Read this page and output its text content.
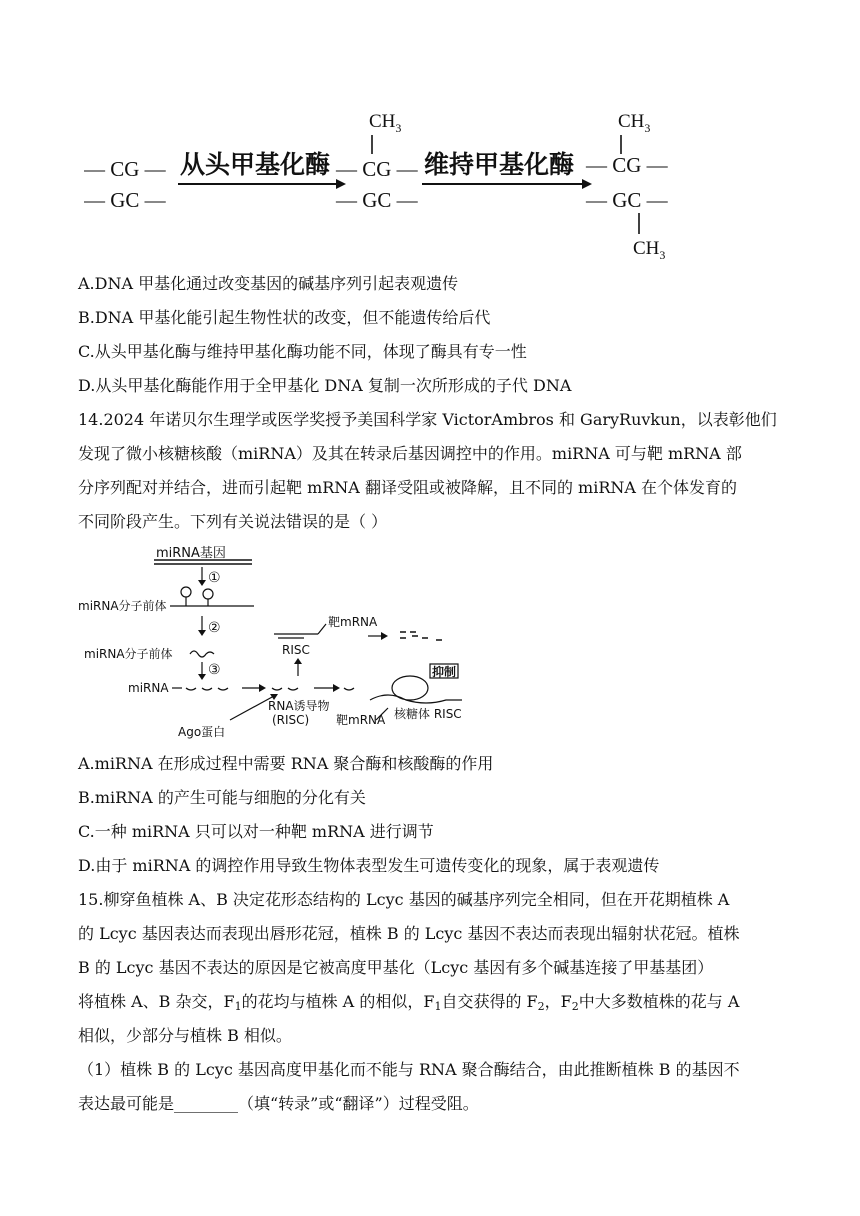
— CG —
— GC —
从头甲基化酶
$CH_3$
— CG —
— GC —
维持甲基化酶
$CH_3$
— CG —
— GC —
$CH_3$
A.DNA 甲基化通过改变基因的碱基序列引起表观遗传
B.DNA 甲基化能引起生物性状的改变，但不能遗传给后代
C.从头甲基化酶与维持甲基化酶功能不同，体现了酶具有专一性
D.从头甲基化酶能作用于全甲基化 DNA 复制一次所形成的子代 DNA
14.2024 年诺贝尔生理学或医学奖授予美国科学家 VictorAmbros 和 GaryRuvkun，以表彰他们
发现了微小核糖核酸（miRNA）及其在转录后基因调控中的作用。miRNA 可与靶 mRNA 部
分序列配对并结合，进而引起靶 mRNA 翻译受阻或被降解，且不同的 miRNA 在个体发育的
不同阶段产生。下列有关说法错误的是（ ）
miRNA基因
①
miRNA分子前体
②
miRNA分子前体
③
miRNA
Ago蛋白
RNA诱导物
(RISC) 靶mRNA
RISC
靶mRNA
抑制
核糖体 RISC
A.miRNA 在形成过程中需要 RNA 聚合酶和核酸酶的作用
B.miRNA 的产生可能与细胞的分化有关
C.一种 miRNA 只可以对一种靶 mRNA 进行调节
D.由于 miRNA 的调控作用导致生物体表型发生可遗传变化的现象，属于表观遗传
15.柳穿鱼植株 A、B 决定花形态结构的 Lcyc 基因的碱基序列完全相同，但在开花期植株 A
的 Lcyc 基因表达而表现出唇形花冠，植株 B 的 Lcyc 基因不表达而表现出辐射状花冠。植株
B 的 Lcyc 基因不表达的原因是它被高度甲基化（Lcyc 基因有多个碱基连接了甲基基团）
将植株 A、B 杂交，$F_1$的花均与植株 A 的相似，$F_1$自交获得的 $F_2$，$F_2$中大多数植株的花与 A
相似，少部分与植株 B 相似。
（1）植株 B 的 Lcyc 基因高度甲基化而不能与 RNA 聚合酶结合，由此推断植株 B 的基因不
表达最可能是________（填“转录”或“翻译”）过程受阻。
